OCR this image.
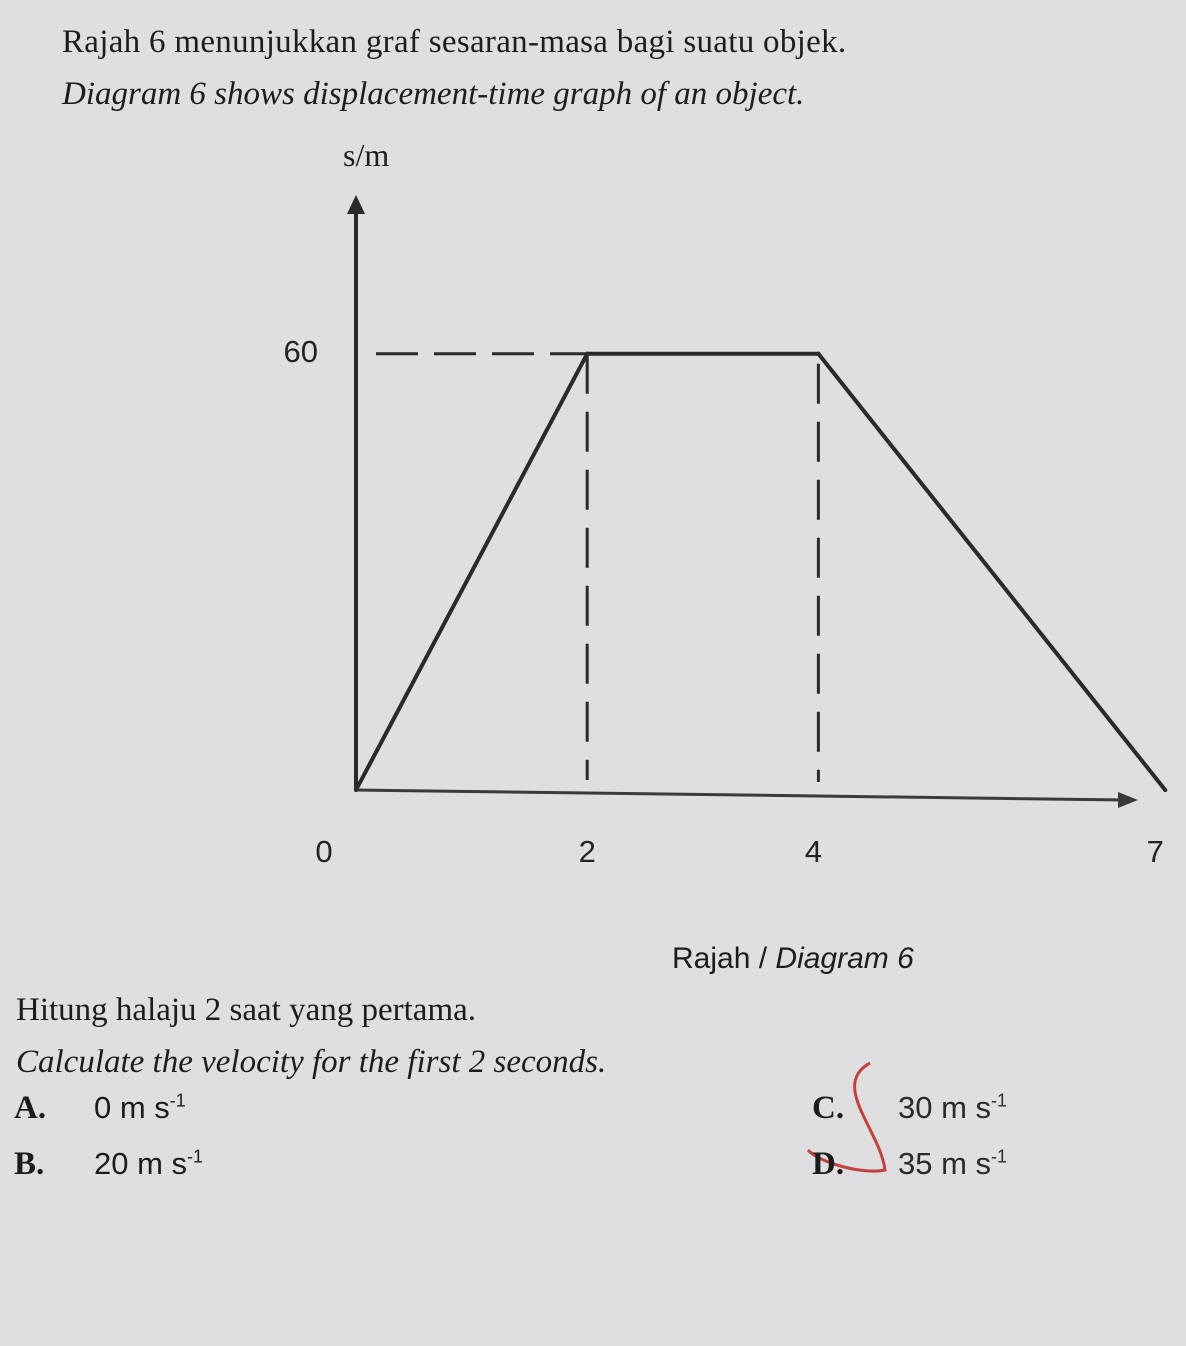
Rajah 6 menunjukkan graf sesaran-masa bagi suatu objek.
Diagram 6 shows displacement-time graph of an object.
0	2	4	7
60
s/m
Rajah / Diagram 6
Hitung halaju 2 saat yang pertama.
Calculate the velocity for the first 2 seconds.
A. 0 m $s^{-1}$
B. 20 m $s^{-1}$
C. 30 m $s^{-1}$
D. 35 m $s^{-1}$
